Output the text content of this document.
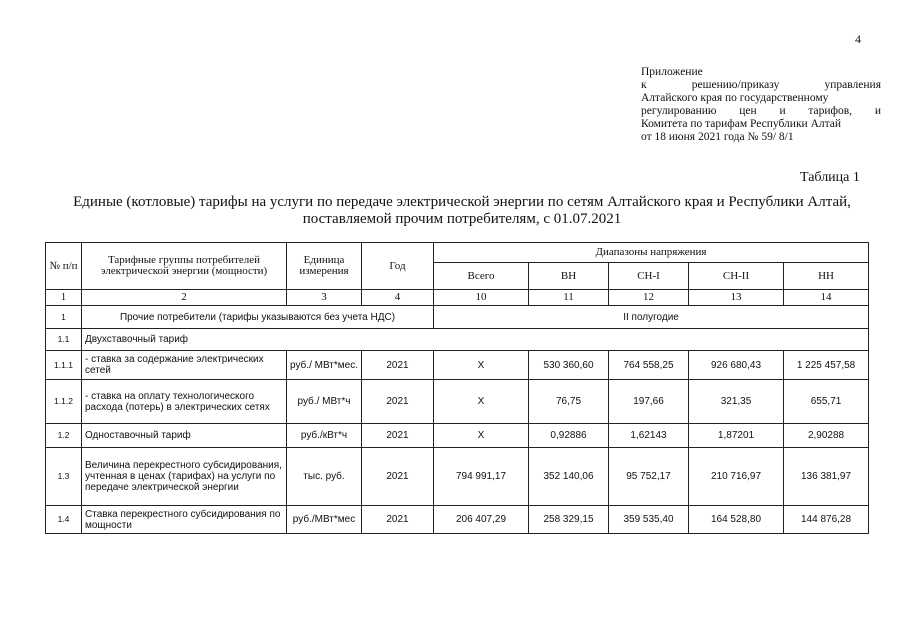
4
Приложение
к	решению/приказу	управления
Алтайского края по государственному
регулированию цен и тарифов, и
Комитета по тарифам Республики Алтай
от 18 июня 2021 года № 59/ 8/1
Таблица 1
Единые (котловые) тарифы на услуги по передаче электрической энергии по сетям Алтайского края и Республики Алтай,
поставляемой прочим потребителям, с 01.07.2021
№ п/п	Тарифные группы потребителей электрической энергии (мощности)	Единица измерения	Год	Диапазоны напряжения				
				Всего	ВН	СН-I	СН-II	НН
1	2	3	4	10	11	12	13	14
1	Прочие потребители (тарифы указываются без учета НДС)			II полугодие				
1.1	Двухставочный тариф							
1.1.1	- ставка за содержание электрических сетей	руб./ МВт*мес.	2021	Х	530 360,60	764 558,25	926 680,43	1 225 457,58
1.1.2	- ставка на оплату технологического расхода (потерь) в электрических сетях	руб./ МВт*ч	2021	Х	76,75	197,66	321,35	655,71
1.2	Одноставочный тариф	руб./кВт*ч	2021	Х	0,92886	1,62143	1,87201	2,90288
1.3	Величина перекрестного субсидирования, учтенная в ценах (тарифах) на услуги по передаче электрической энергии	тыс. руб.	2021	794 991,17	352 140,06	95 752,17	210 716,97	136 381,97
1.4	Ставка перекрестного субсидирования по мощности	руб./МВт*мес	2021	206 407,29	258 329,15	359 535,40	164 528,80	144 876,28
